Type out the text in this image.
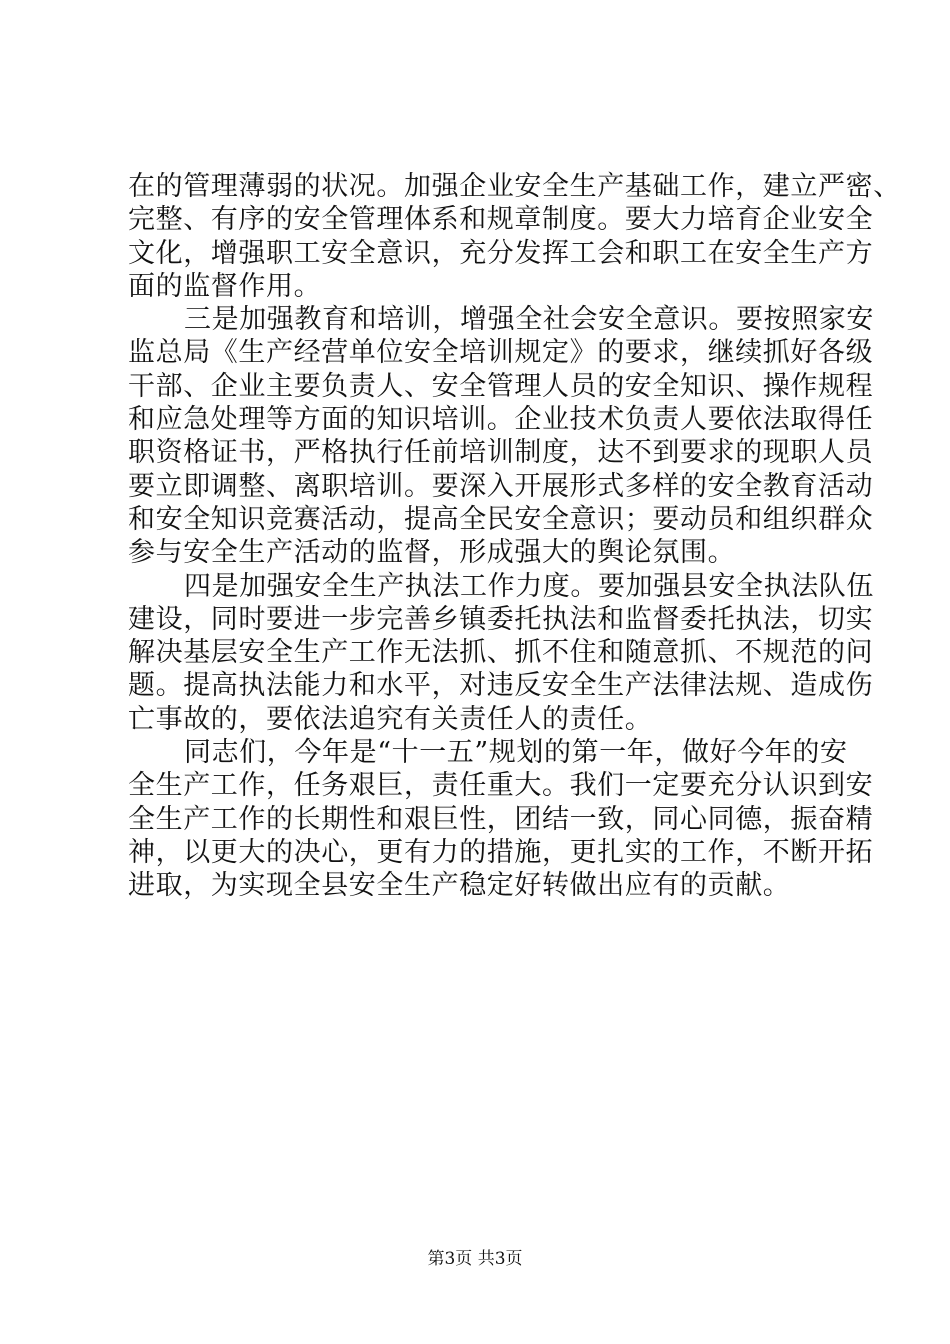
在的管理薄弱的状况。加强企业安全生产基础工作，建立严密、
完整、有序的安全管理体系和规章制度。要大力培育企业安全
文化，增强职工安全意识，充分发挥工会和职工在安全生产方
面的监督作用。
三是加强教育和培训，增强全社会安全意识。要按照家安
监总局《生产经营单位安全培训规定》的要求，继续抓好各级
干部、企业主要负责人、安全管理人员的安全知识、操作规程
和应急处理等方面的知识培训。企业技术负责人要依法取得任
职资格证书，严格执行任前培训制度，达不到要求的现职人员
要立即调整、离职培训。要深入开展形式多样的安全教育活动
和安全知识竞赛活动，提高全民安全意识；要动员和组织群众
参与安全生产活动的监督，形成强大的舆论氛围。
四是加强安全生产执法工作力度。要加强县安全执法队伍
建设，同时要进一步完善乡镇委托执法和监督委托执法，切实
解决基层安全生产工作无法抓、抓不住和随意抓、不规范的问
题。提高执法能力和水平，对违反安全生产法律法规、造成伤
亡事故的，要依法追究有关责任人的责任。
同志们，今年是“十一五”规划的第一年，做好今年的安
全生产工作，任务艰巨，责任重大。我们一定要充分认识到安
全生产工作的长期性和艰巨性，团结一致，同心同德，振奋精
神，以更大的决心，更有力的措施，更扎实的工作，不断开拓
进取，为实现全县安全生产稳定好转做出应有的贡献。
第3页 共3页
